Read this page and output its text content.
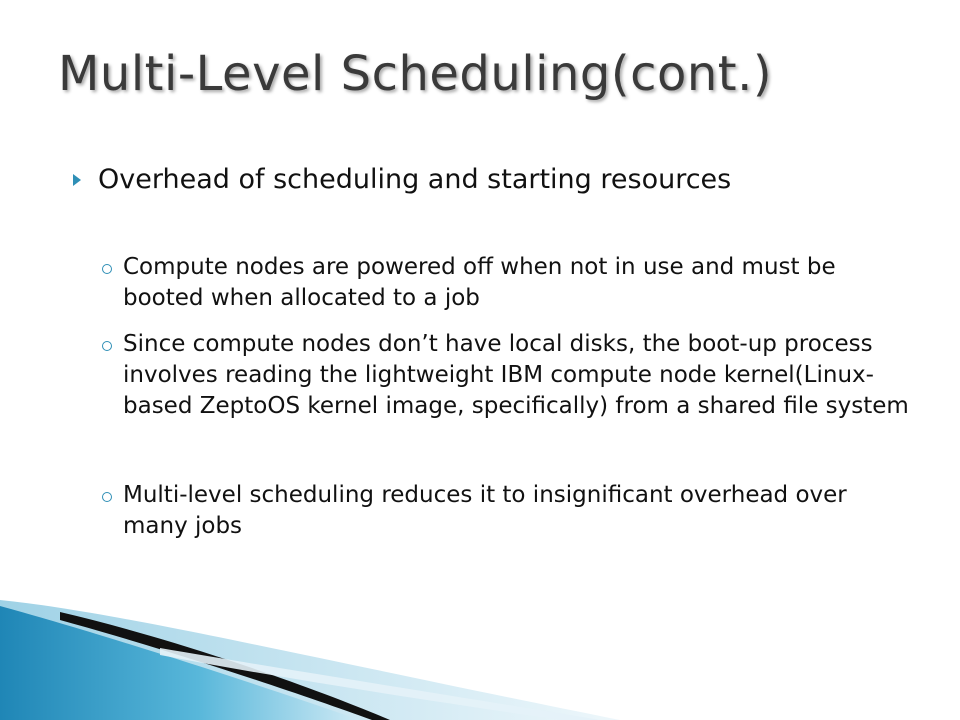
Multi-Level Scheduling(cont.)
Overhead of scheduling and starting resources
Compute nodes are powered off when not in use and must be booted when allocated to a job
Since compute nodes don’t have local disks, the boot-up process involves reading the lightweight IBM compute node kernel(Linux-based ZeptoOS kernel image, specifically) from a shared file system
Multi-level scheduling reduces it to insignificant overhead over many jobs
